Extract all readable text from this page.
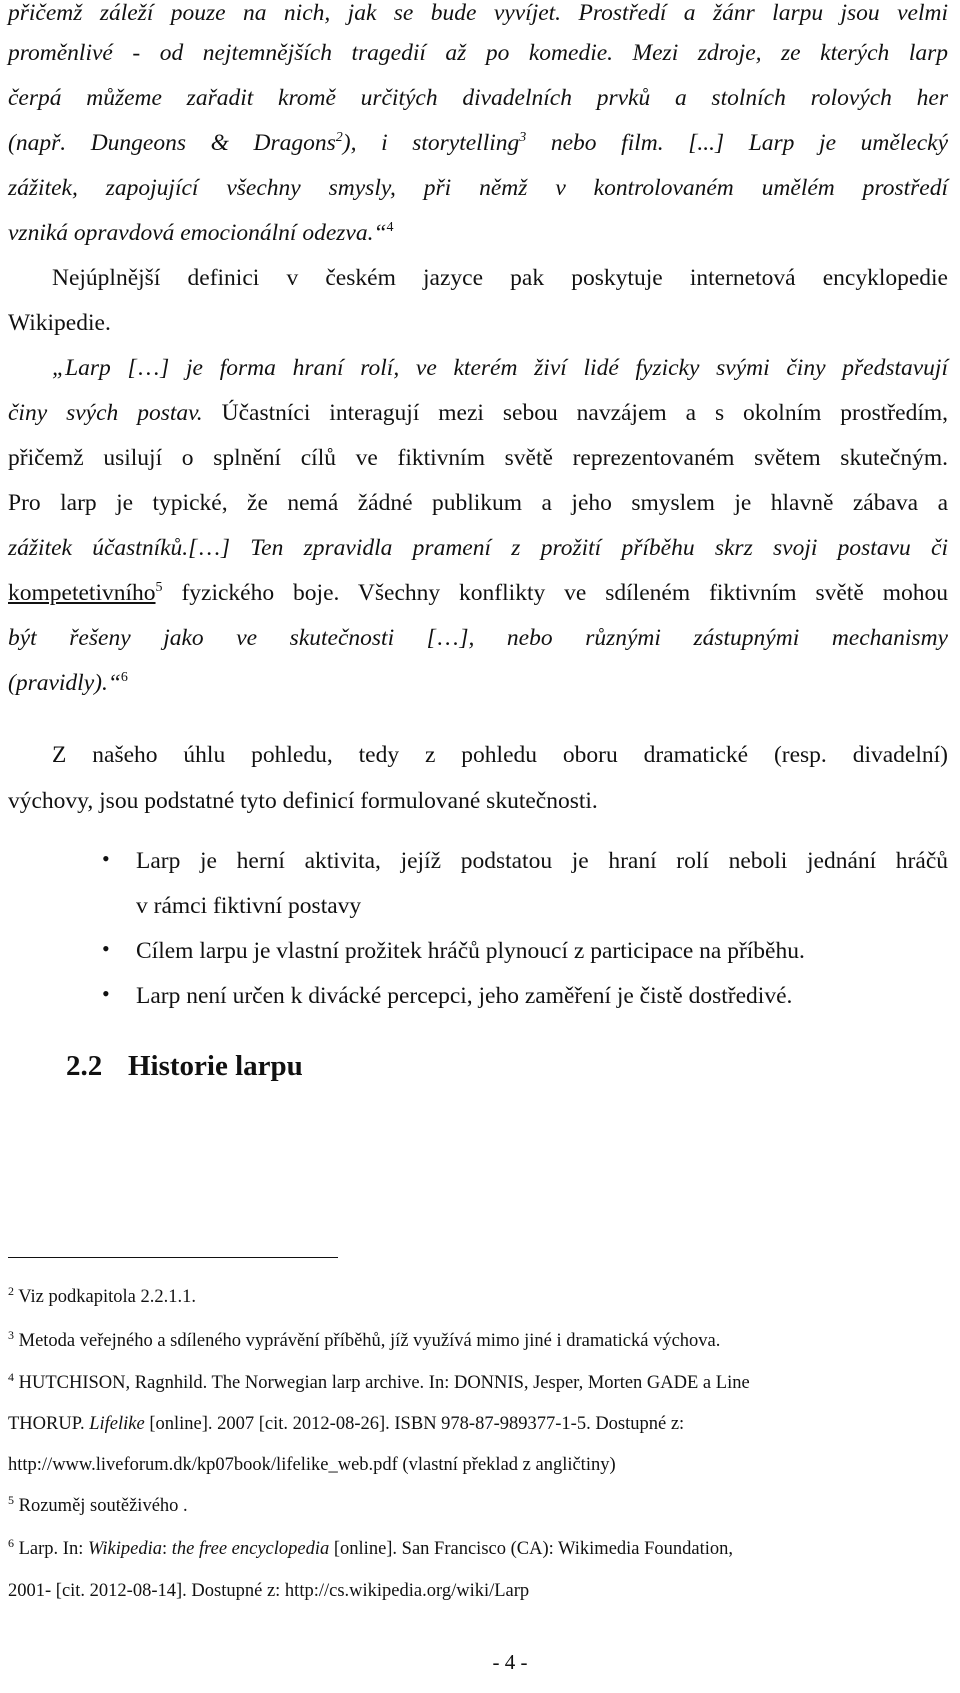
přičemž záleží pouze na nich, jak se bude vyvíjet. Prostředí a žánr larpu jsou velmi
proměnlivé - od nejtemnějších tragedií až po komedie. Mezi zdroje, ze kterých larp
čerpá můžeme zařadit kromě určitých divadelních prvků a stolních rolových her
(např. Dungeons & Dragons$^2$), i storytelling$^3$ nebo film. [...] Larp je umělecký
zážitek, zapojující všechny smysly, při němž v kontrolovaném umělém prostředí
vzniká opravdová emocionální odezva.“$^4$
Nejúplnější definici v českém jazyce pak poskytuje internetová encyklopedie
Wikipedie.
„Larp […] je forma hraní rolí, ve kterém živí lidé fyzicky svými činy představují
činy svých postav. Účastníci interagují mezi sebou navzájem a s okolním prostředím,
přičemž usilují o splnění cílů ve fiktivním světě reprezentovaném světem skutečným.
Pro larp je typické, že nemá žádné publikum a jeho smyslem je hlavně zábava a
zážitek účastníků.[…] Ten zpravidla pramení z prožití příběhu skrz svoji postavu či
kompetetivního$^5$ fyzického boje. Všechny konflikty ve sdíleném fiktivním světě mohou
být řešeny jako ve skutečnosti […], nebo různými zástupnými mechanismy
(pravidly).“$^6$
Z našeho úhlu pohledu, tedy z pohledu oboru dramatické (resp. divadelní)
výchovy, jsou podstatné tyto definicí formulované skutečnosti.
• Larp je herní aktivita, jejíž podstatou je hraní rolí neboli jednání hráčů
v rámci fiktivní postavy
• Cílem larpu je vlastní prožitek hráčů plynoucí z participace na příběhu.
• Larp není určen k divácké percepci, jeho zaměření je čistě dostředivé.
2.2 Historie larpu
$^2$ Viz podkapitola 2.2.1.1.
$^3$ Metoda veřejného a sdíleného vyprávění příběhů, jíž využívá mimo jiné i dramatická výchova.
$^4$ HUTCHISON, Ragnhild. The Norwegian larp archive. In: DONNIS, Jesper, Morten GADE a Line
THORUP. Lifelike [online]. 2007 [cit. 2012-08-26]. ISBN 978-87-989377-1-5. Dostupné z:
http://www.liveforum.dk/kp07book/lifelike_web.pdf (vlastní překlad z angličtiny)
$^5$ Rozuměj soutěživého .
$^6$ Larp. In: Wikipedia: the free encyclopedia [online]. San Francisco (CA): Wikimedia Foundation,
2001- [cit. 2012-08-14]. Dostupné z: http://cs.wikipedia.org/wiki/Larp
- 4 -
